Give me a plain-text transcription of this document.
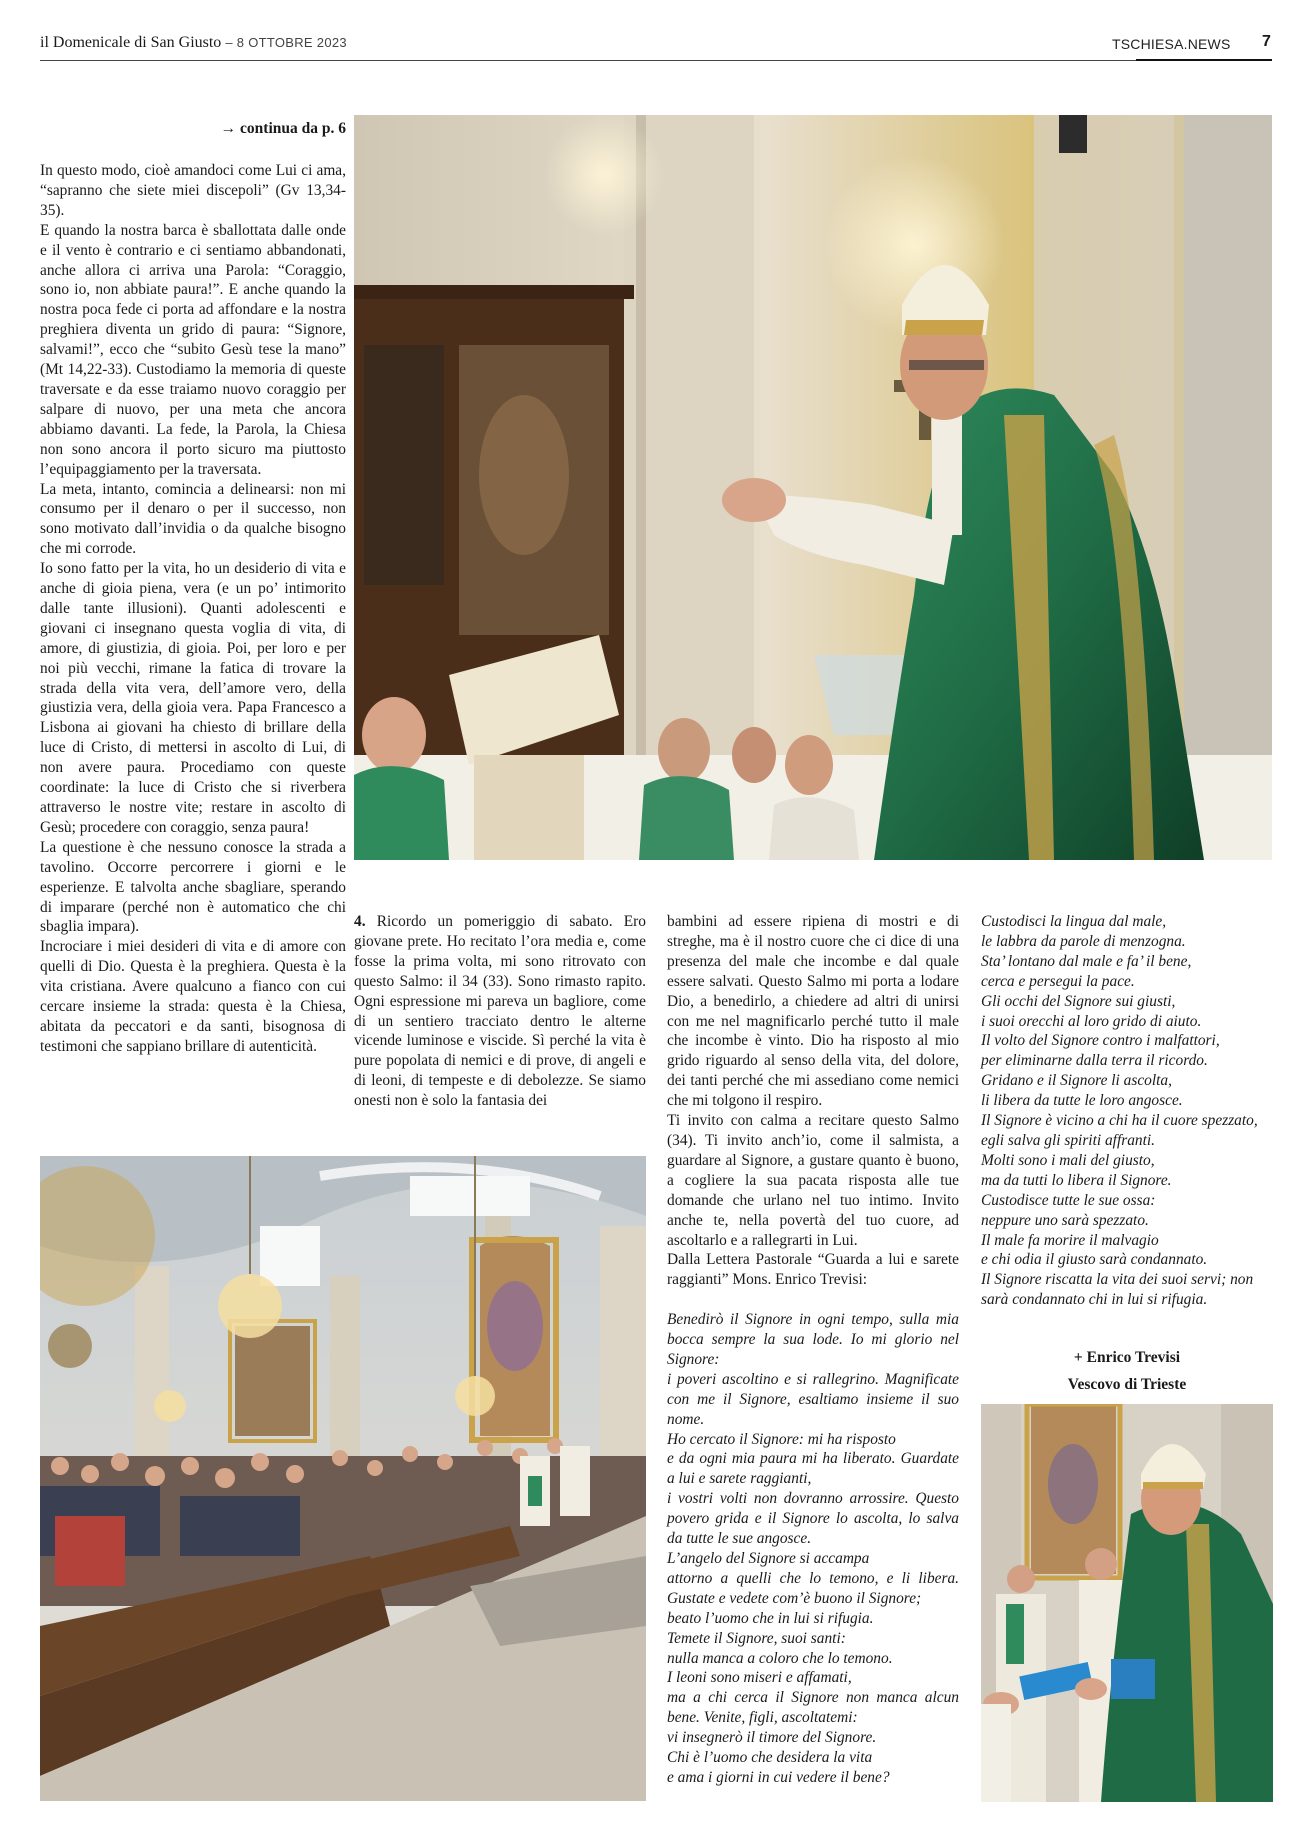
il Domenicale di San Giusto – 8 OTTOBRE 2023	TSCHIESA.NEWS 7
→ continua da p. 6

In questo modo, cioè amandoci come Lui ci ama, “sapranno che siete miei discepoli” (Gv 13,34-35).

E quando la nostra barca è sballottata dalle onde e il vento è contrario e ci sentiamo abbandonati, anche allora ci arriva una Parola: “Coraggio, sono io, non abbiate paura!”. E anche quando la nostra poca fede ci porta ad affondare e la nostra preghiera diventa un grido di paura: “Signore, salvami!”, ecco che “subito Gesù tese la mano” (Mt 14,22-33). Custodiamo la memoria di queste traversate e da esse traiamo nuovo coraggio per salpare di nuovo, per una meta che ancora abbiamo davanti. La fede, la Parola, la Chiesa non sono ancora il porto sicuro ma piuttosto l’equipaggiamento per la traversata.

La meta, intanto, comincia a delinearsi: non mi consumo per il denaro o per il successo, non sono motivato dall’invidia o da qualche bisogno che mi corrode.

Io sono fatto per la vita, ho un desiderio di vita e anche di gioia piena, vera (e un po’ intimorito dalle tante illusioni). Quanti adolescenti e giovani ci insegnano questa voglia di vita, di amore, di giustizia, di gioia. Poi, per loro e per noi più vecchi, rimane la fatica di trovare la strada della vita vera, dell’amore vero, della giustizia vera, della gioia vera. Papa Francesco a Lisbona ai giovani ha chiesto di brillare della luce di Cristo, di mettersi in ascolto di Lui, di non avere paura. Procediamo con queste coordinate: la luce di Cristo che si riverbera attraverso le nostre vite; restare in ascolto di Gesù; procedere con coraggio, senza paura!

La questione è che nessuno conosce la strada a tavolino. Occorre percorrere i giorni e le esperienze. E talvolta anche sbagliare, sperando di imparare (perché non è automatico che chi sbaglia impara).

Incrociare i miei desideri di vita e di amore con quelli di Dio. Questa è la preghiera. Questa è la vita cristiana. Avere qualcuno a fianco con cui cercare insieme la strada: questa è la Chiesa, abitata da peccatori e da santi, bisognosa di testimoni che sappiano brillare di autenticità.

4. Ricordo un pomeriggio di sabato. Ero giovane prete. Ho recitato l’ora media e, come fosse la prima volta, mi sono ritrovato con questo Salmo: il 34 (33). Sono rimasto rapito. Ogni espressione mi pareva un bagliore, come di un sentiero tracciato dentro le alterne vicende luminose e viscide. Sì perché la vita è pure popolata di nemici e di prove, di angeli e di leoni, di tempeste e di debolezze. Se siamo onesti non è solo la fantasia dei

bambini ad essere ripiena di mostri e di streghe, ma è il nostro cuore che ci dice di una presenza del male che incombe e dal quale essere salvati. Questo Salmo mi porta a lodare Dio, a benedirlo, a chiedere ad altri di unirsi con me nel magnificarlo perché tutto il male che incombe è vinto. Dio ha risposto al mio grido riguardo al senso della vita, del dolore, dei tanti perché che mi assediano come nemici che mi tolgono il respiro.

Ti invito con calma a recitare questo Salmo (34). Ti invito anch’io, come il salmista, a guardare al Signore, a gustare quanto è buono, a cogliere la sua pacata risposta alle tue domande che urlano nel tuo intimo. Invito anche te, nella povertà del tuo cuore, ad ascoltarlo e a rallegrarti in Lui.

Dalla Lettera Pastorale “Guarda a lui e sarete raggianti” Mons. Enrico Trevisi:

Benedirò il Signore in ogni tempo, sulla mia bocca sempre la sua lode. Io mi glorio nel Signore:

i poveri ascoltino e si rallegrino. Magnificate con me il Signore, esaltiamo insieme il suo nome.

Ho cercato il Signore: mi ha risposto

e da ogni mia paura mi ha liberato. Guardate a lui e sarete raggianti,

i vostri volti non dovranno arrossire. Questo povero grida e il Signore lo ascolta, lo salva da tutte le sue angosce.

L’angelo del Signore si accampa

attorno a quelli che lo temono, e li libera. Gustate e vedete com’è buono il Signore;

beato l’uomo che in lui si rifugia.

Temete il Signore, suoi santi:

nulla manca a coloro che lo temono.

I leoni sono miseri e affamati,

ma a chi cerca il Signore non manca alcun bene. Venite, figli, ascoltatemi:

vi insegnerò il timore del Signore.

Chi è l’uomo che desidera la vita

e ama i giorni in cui vedere il bene?

Custodisci la lingua dal male,

le labbra da parole di menzogna.

Sta’ lontano dal male e fa’ il bene,

cerca e persegui la pace.

Gli occhi del Signore sui giusti,

i suoi orecchi al loro grido di aiuto.

Il volto del Signore contro i malfattori,

per eliminarne dalla terra il ricordo.

Gridano e il Signore li ascolta,

li libera da tutte le loro angosce.

Il Signore è vicino a chi ha il cuore spezzato, egli salva gli spiriti affranti.

Molti sono i mali del giusto,

ma da tutti lo libera il Signore.

Custodisce tutte le sue ossa:

neppure uno sarà spezzato.

Il male fa morire il malvagio

e chi odia il giusto sarà condannato.

Il Signore riscatta la vita dei suoi servi; non sarà condannato chi in lui si rifugia.

+ Enrico Trevisi
Vescovo di Trieste
